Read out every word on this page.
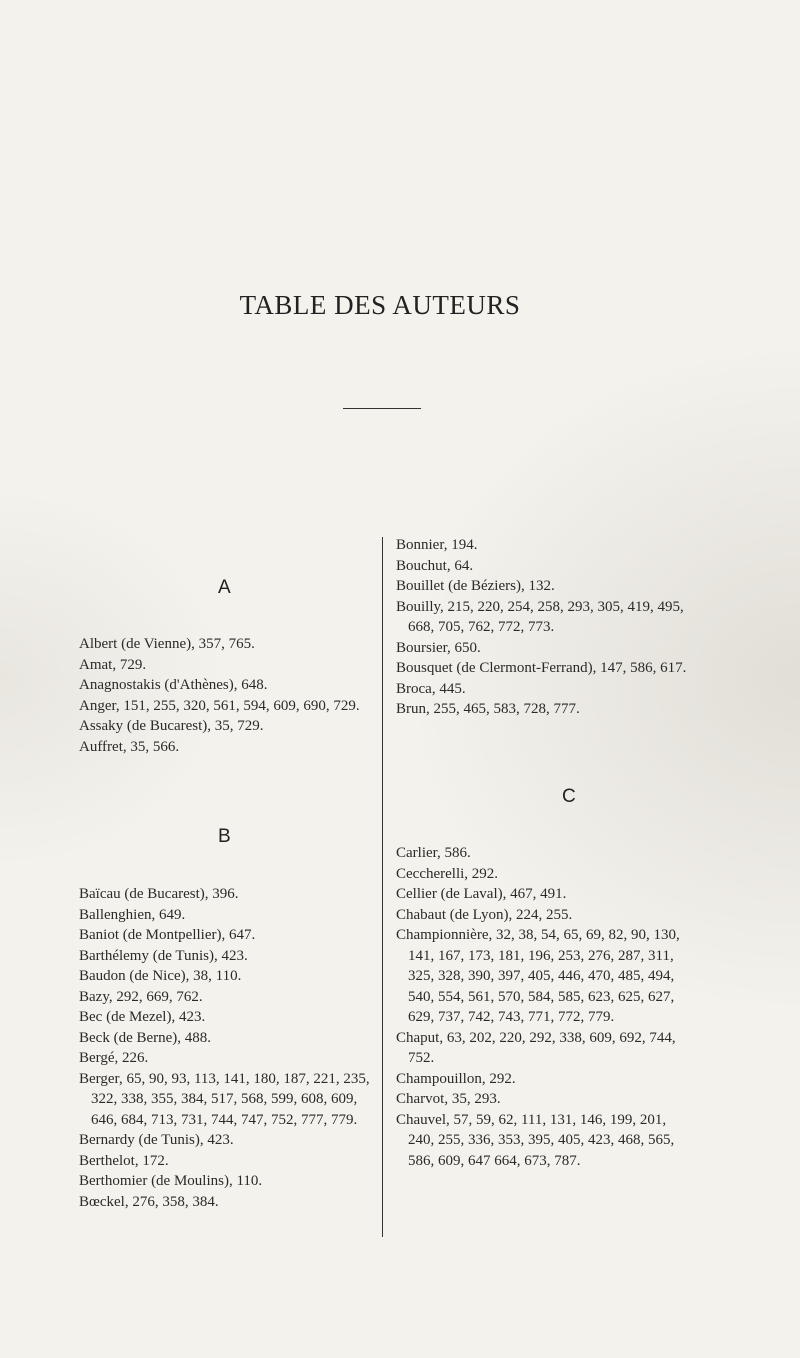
TABLE DES AUTEURS
A
Albert (de Vienne), 357, 765.
Amat, 729.
Anagnostakis (d'Athènes), 648.
Anger, 151, 255, 320, 561, 594, 609, 690, 729.
Assaky (de Bucarest), 35, 729.
Auffret, 35, 566.
B
Baïcau (de Bucarest), 396.
Ballenghien, 649.
Baniot (de Montpellier), 647.
Barthélemy (de Tunis), 423.
Baudon (de Nice), 38, 110.
Bazy, 292, 669, 762.
Bec (de Mezel), 423.
Beck (de Berne), 488.
Bergé, 226.
Berger, 65, 90, 93, 113, 141, 180, 187, 221, 235, 322, 338, 355, 384, 517, 568, 599, 608, 609, 646, 684, 713, 731, 744, 747, 752, 777, 779.
Bernardy (de Tunis), 423.
Berthelot, 172.
Berthomier (de Moulins), 110.
Bœckel, 276, 358, 384.
Bonnier, 194.
Bouchut, 64.
Bouillet (de Béziers), 132.
Bouilly, 215, 220, 254, 258, 293, 305, 419, 495, 668, 705, 762, 772, 773.
Boursier, 650.
Bousquet (de Clermont-Ferrand), 147, 586, 617.
Broca, 445.
Brun, 255, 465, 583, 728, 777.
C
Carlier, 586.
Ceccherelli, 292.
Cellier (de Laval), 467, 491.
Chabaut (de Lyon), 224, 255.
Championnière, 32, 38, 54, 65, 69, 82, 90, 130, 141, 167, 173, 181, 196, 253, 276, 287, 311, 325, 328, 390, 397, 405, 446, 470, 485, 494, 540, 554, 561, 570, 584, 585, 623, 625, 627, 629, 737, 742, 743, 771, 772, 779.
Chaput, 63, 202, 220, 292, 338, 609, 692, 744, 752.
Champouillon, 292.
Charvot, 35, 293.
Chauvel, 57, 59, 62, 111, 131, 146, 199, 201, 240, 255, 336, 353, 395, 405, 423, 468, 565, 586, 609, 647 664, 673, 787.
